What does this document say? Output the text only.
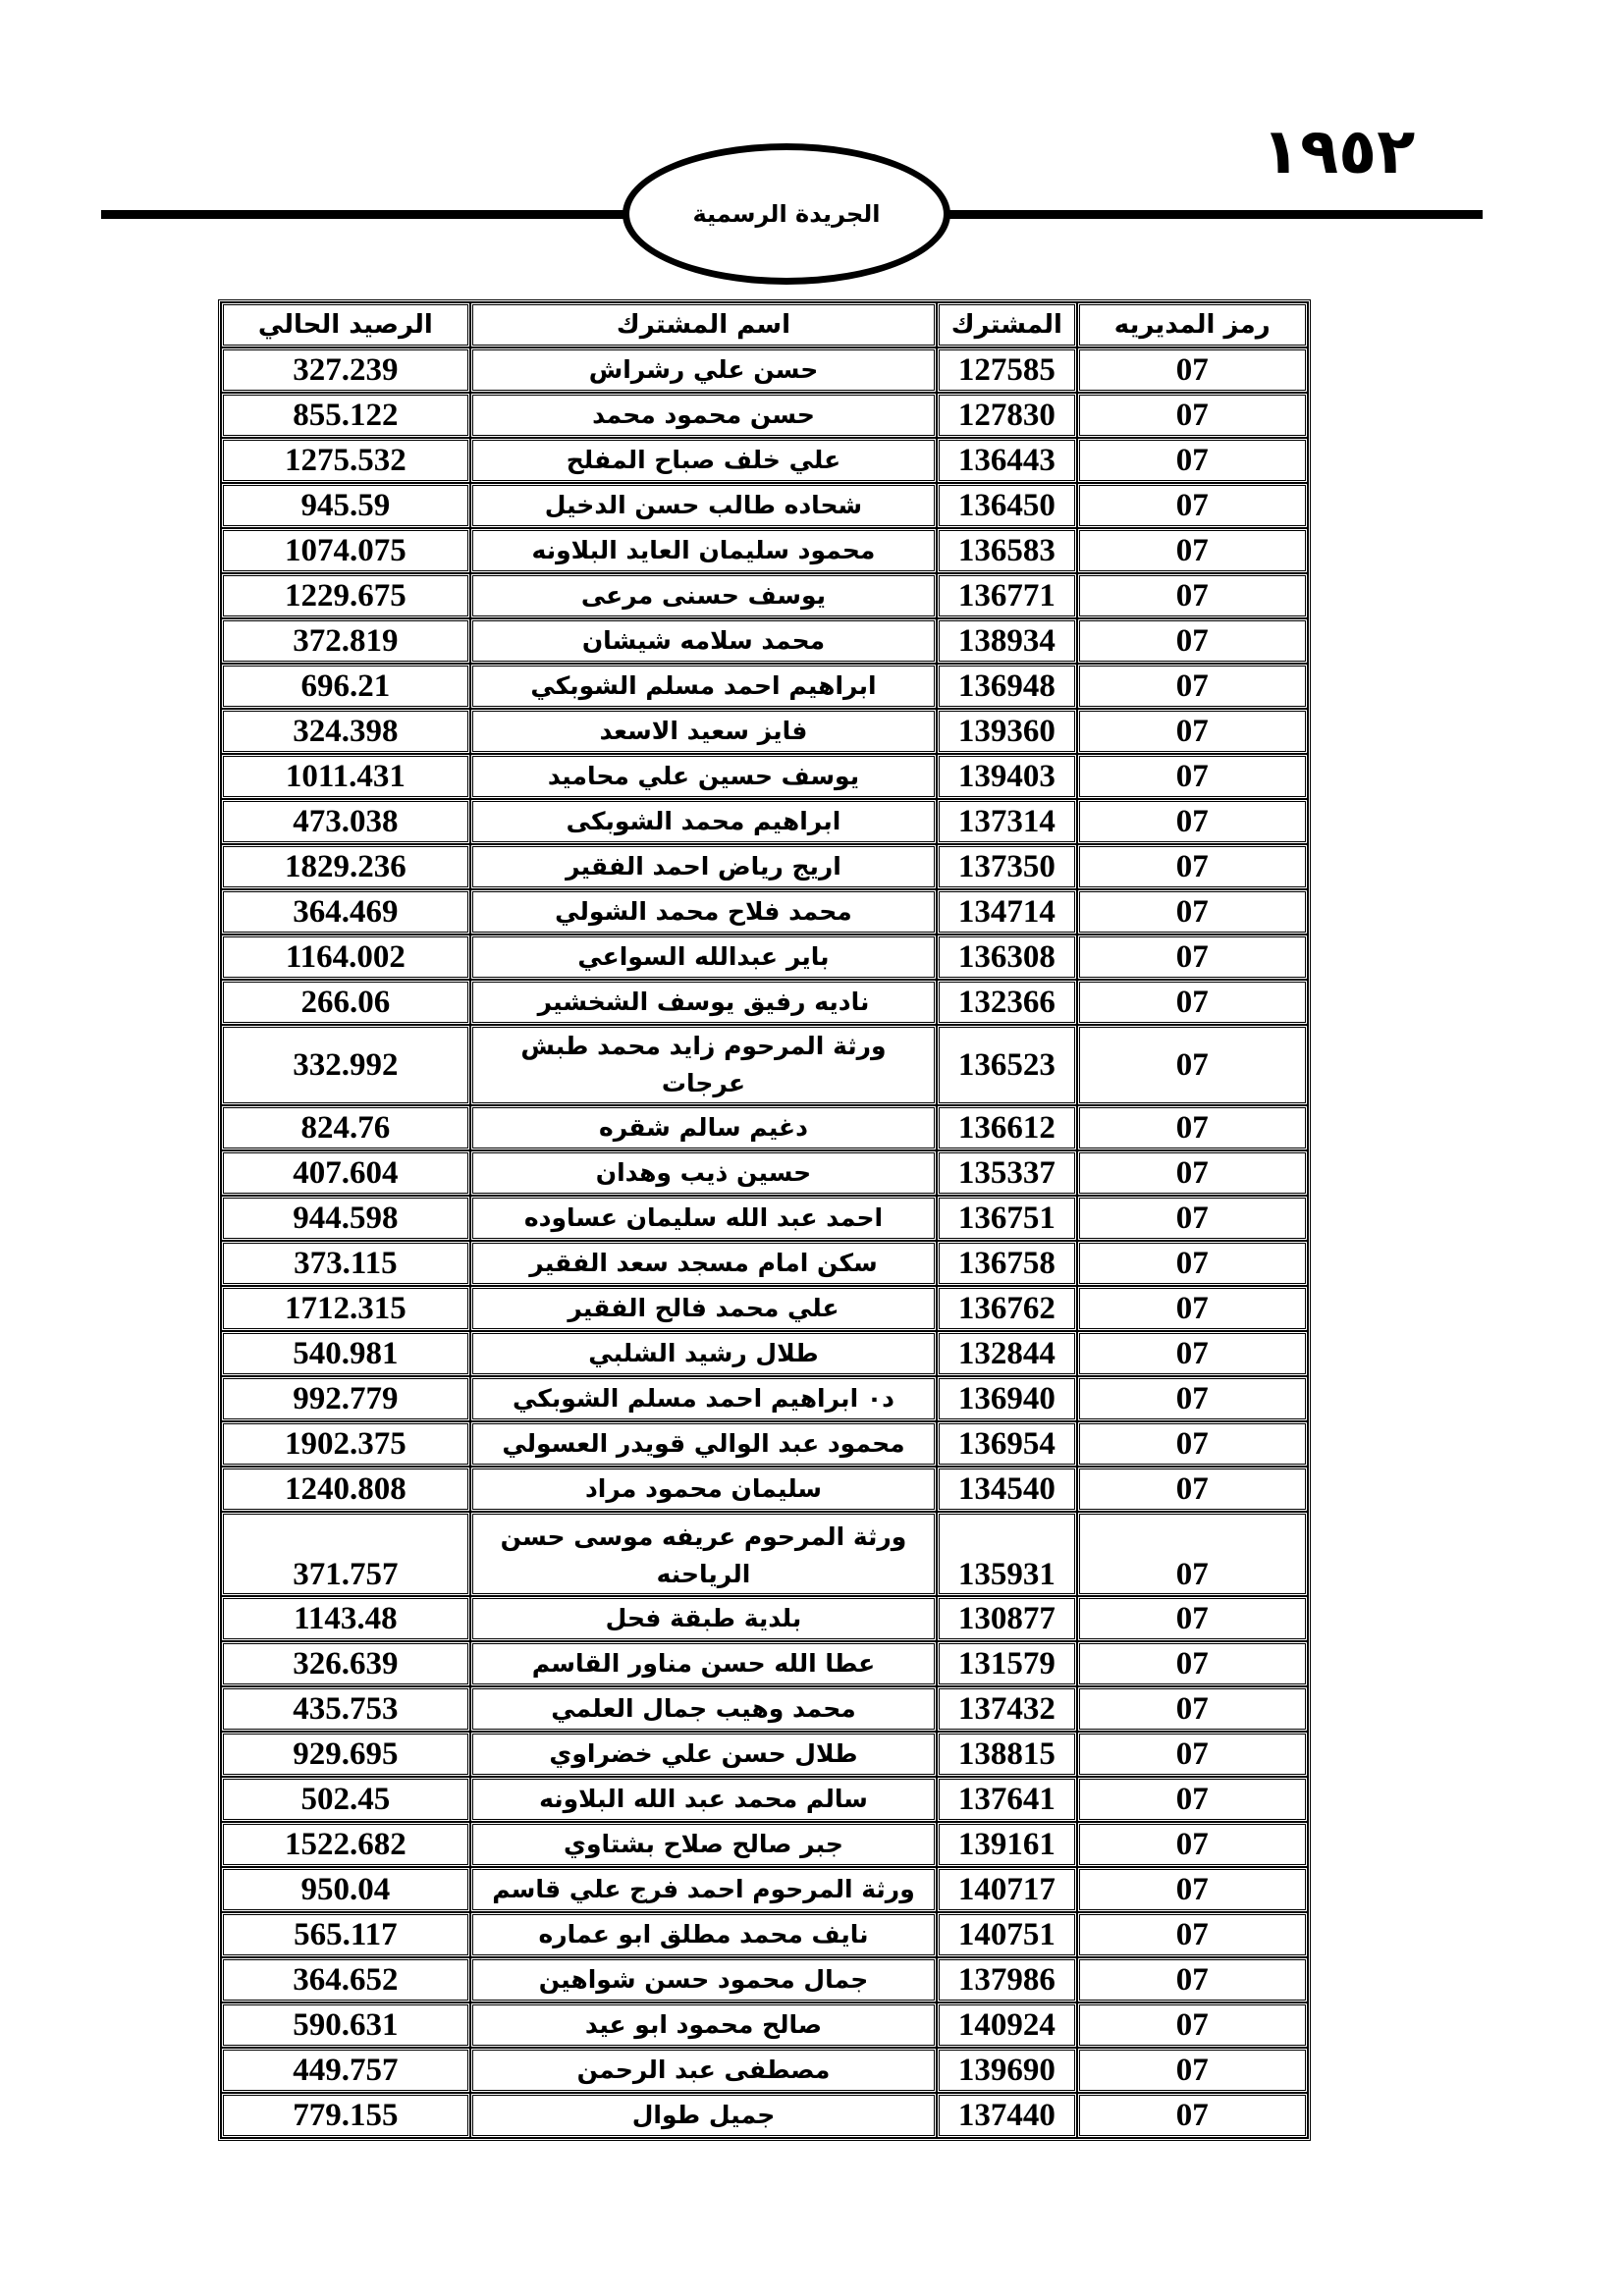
١٩٥٢
الجريدة الرسمية
رمز المديريه	المشترك	اسم المشترك	الرصيد الحالي
07	127585	حسن علي رشراش	327.239
07	127830	حسن محمود محمد	855.122
07	136443	علي خلف صباح المفلح	1275.532
07	136450	شحاده طالب حسن الدخيل	945.59
07	136583	محمود سليمان العايد البلاونه	1074.075
07	136771	يوسف حسنى مرعى	1229.675
07	138934	محمد سلامه شيشان	372.819
07	136948	ابراهيم احمد مسلم الشوبكي	696.21
07	139360	فايز سعيد الاسعد	324.398
07	139403	يوسف حسين علي محاميد	1011.431
07	137314	ابراهيم محمد الشوبكى	473.038
07	137350	اريج رياض احمد الفقير	1829.236
07	134714	محمد فلاح محمد الشولي	364.469
07	136308	باير عبدالله السواعي	1164.002
07	132366	ناديه رفيق يوسف الشخشير	266.06
07	136523	ورثة المرحوم زايد محمد طبش عرجات	332.992
07	136612	دغيم سالم شقره	824.76
07	135337	حسين ذيب وهدان	407.604
07	136751	احمد عبد الله سليمان عساوده	944.598
07	136758	سكن امام مسجد سعد الفقير	373.115
07	136762	علي محمد فالح الفقير	1712.315
07	132844	طلال رشيد الشلبي	540.981
07	136940	د٠ ابراهيم احمد مسلم الشوبكي	992.779
07	136954	محمود عبد الوالي قويدر العسولي	1902.375
07	134540	سليمان محمود مراد	1240.808
07	135931	ورثة المرحوم عريفه موسى حسن الرياحنه	371.757
07	130877	بلدية طبقة فحل	1143.48
07	131579	عطا الله حسن مناور القاسم	326.639
07	137432	محمد وهيب جمال العلمي	435.753
07	138815	طلال حسن علي خضراوي	929.695
07	137641	سالم محمد عبد الله البلاونه	502.45
07	139161	جبر صالح صلاح بشتاوي	1522.682
07	140717	ورثة المرحوم احمد فرج علي قاسم	950.04
07	140751	نايف محمد مطلق ابو عماره	565.117
07	137986	جمال محمود حسن شواهين	364.652
07	140924	صالح محمود ابو عيد	590.631
07	139690	مصطفى عبد الرحمن	449.757
07	137440	جميل طوال	779.155
